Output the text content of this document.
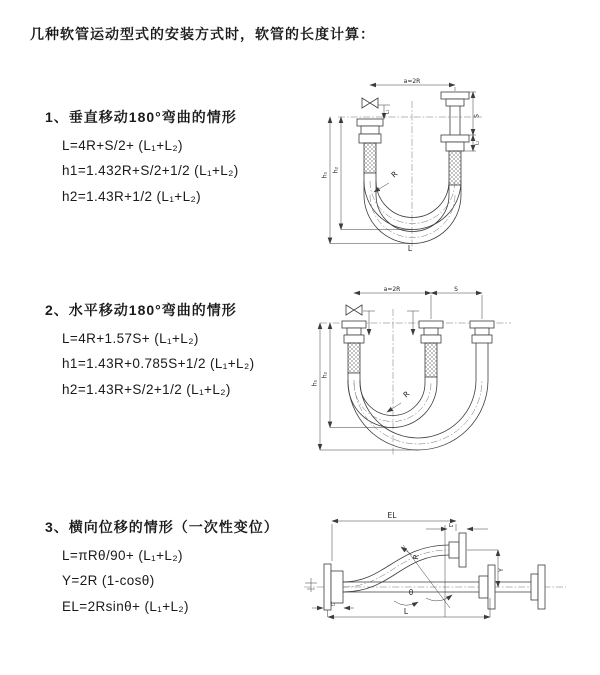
几种软管运动型式的安装方式时，软管的长度计算：
1、垂直移动180°弯曲的情形
L=4R+S/2+ (L₁+L₂)
h1=1.432R+S/2+1/2 (L₁+L₂)
h2=1.43R+1/2 (L₁+L₂)
2、水平移动180°弯曲的情形
L=4R+1.57S+ (L₁+L₂)
h1=1.43R+0.785S+1/2 (L₁+L₂)
h2=1.43R+S/2+1/2 (L₁+L₂)
3、横向位移的情形（一次性变位）
L=πRθ/90+ (L₁+L₂)
Y=2R (1-cosθ)
EL=2Rsinθ+ (L₁+L₂)
a=2R
S
L₂
L₁
h₁
h₂	R
L
a=2R	S
h₁
h₂
R
EL
L₂
Y
θ
R
L
L₁
